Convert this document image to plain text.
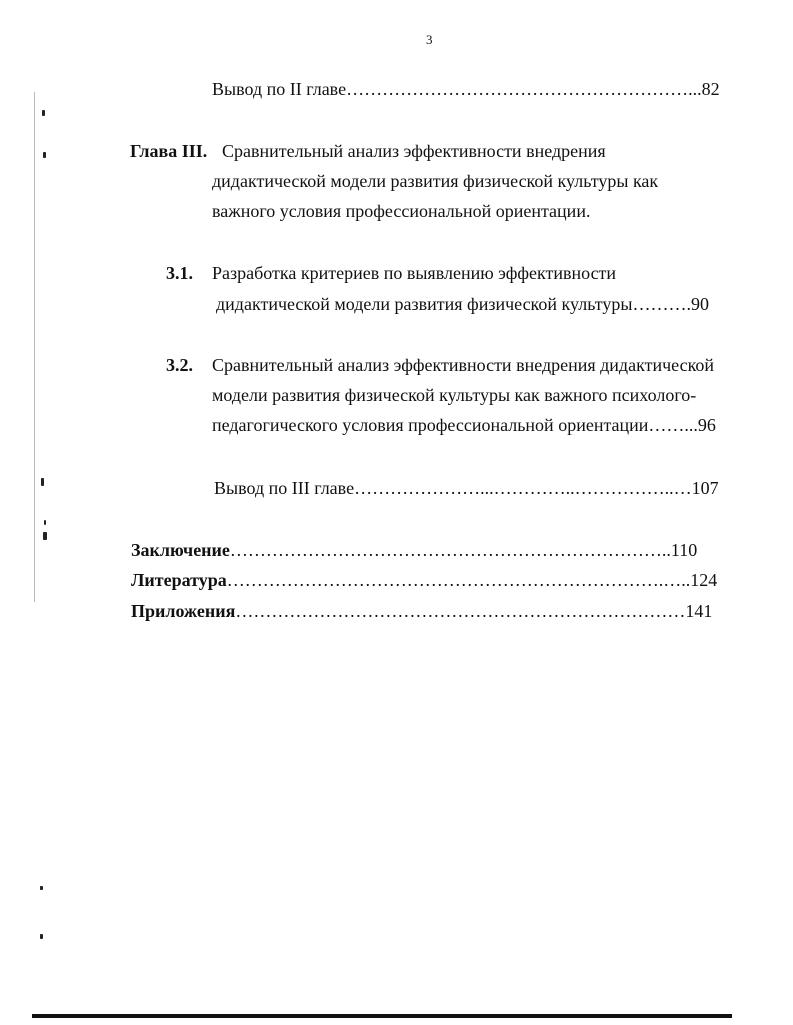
3
Вывод по II главе…………………………………………………...82
Глава III. Сравнительный анализ эффективности внедрения
дидактической модели развития физической культуры как
важного условия профессиональной ориентации.
3.1. Разработка критериев по выявлению эффективности
дидактической модели развития физической культуры……….90
3.2. Сравнительный анализ эффективности внедрения дидактической
модели развития физической культуры как важного психолого-
педагогического условия профессиональной ориентации……...96
Вывод по III главе…………………...…………..……………..…107
Заключение………………………………………………………………..110
Литература……………………………………………………………….…..124
Приложения…………………………………………………………………141
